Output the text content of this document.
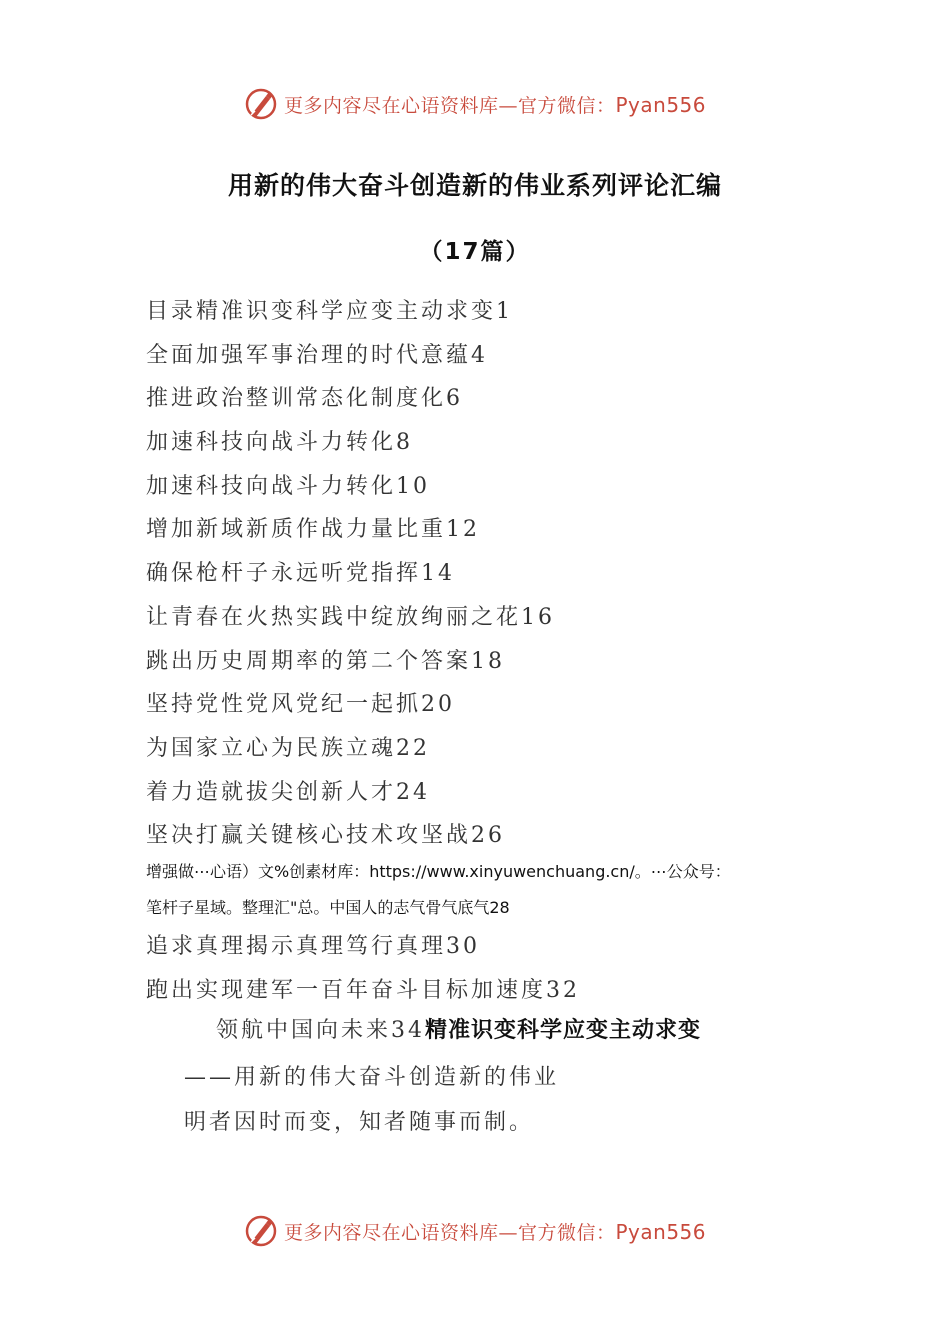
更多内容尽在心语资料库—官方微信：Pyan556
用新的伟大奋斗创造新的伟业系列评论汇编
（17篇）
目录精准识变科学应变主动求变1
全面加强军事治理的时代意蕴4
推进政治整训常态化制度化6
加速科技向战斗力转化8
加速科技向战斗力转化10
增加新域新质作战力量比重12
确保枪杆子永远听党指挥14
让青春在火热实践中绽放绚丽之花16
跳出历史周期率的第二个答案18
坚持党性党风党纪一起抓20
为国家立心为民族立魂22
着力造就拔尖创新人才24
坚决打赢关键核心技术攻坚战26
增强做⋯心语）文%创素材库：https://www.xinyuwenchuang.cn/。⋯公众号：
笔杆子星域。整理汇"总。中国人的志气骨气底气28
追求真理揭示真理笃行真理30
跑出实现建军一百年奋斗目标加速度32
领航中国向未来34精准识变科学应变主动求变
——用新的伟大奋斗创造新的伟业
明者因时而变，知者随事而制。
更多内容尽在心语资料库—官方微信：Pyan556
